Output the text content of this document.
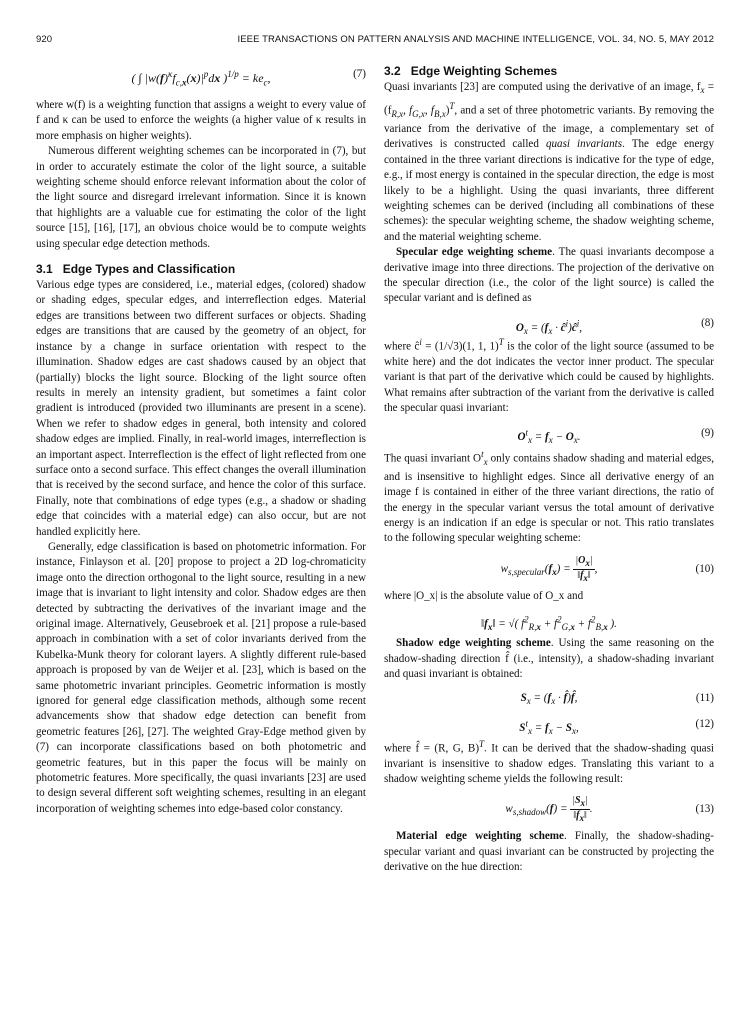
920	IEEE TRANSACTIONS ON PATTERN ANALYSIS AND MACHINE INTELLIGENCE, VOL. 34, NO. 5, MAY 2012
( ∫ $|w(f)^\kappa f_{c,x}(x)|^pdx$ )$^{1/p} = ke_c$,	(7)

where w(f) is a weighting function that assigns a weight to every value of f and κ can be used to enforce the weights (a higher value of κ results in more emphasis on higher weights).

Numerous different weighting schemes can be incorporated in (7), but in order to accurately estimate the color of the light source, a suitable weighting scheme should enforce relevant information about the color of the light source and disregard irrelevant information. Since it is known that highlights are a valuable cue for estimating the color of the light source [15], [16], [17], an obvious choice would be to compute weights using specular edge detection methods.

3.1 Edge Types and Classification

Various edge types are considered, i.e., material edges, (colored) shadow or shading edges, specular edges, and interreflection edges. Material edges are transitions between two different surfaces or objects. Shading edges are transitions that are caused by the geometry of an object, for instance by a change in surface orientation with respect to the illumination. Shadow edges are cast shadows caused by an object that (partially) blocks the light source. Blocking of the light source often results in merely an intensity gradient, but sometimes a faint color gradient is introduced (provided two illuminants are present in a scene). When we refer to shadow edges in general, both intensity and colored shadow edges are implied. Finally, in real-world images, interreflection is an important aspect. Interreflection is the effect of light reflected from one surface onto a second surface. This effect changes the overall illumination that is received by the second surface, and hence the color of this surface. Finally, note that combinations of edge types (e.g., a shadow or shading edge that coincides with a material edge) can also occur, but are not handled explicitly here.

Generally, edge classification is based on photometric information. For instance, Finlayson et al. [20] propose to project a 2D log-chromaticity image onto the direction orthogonal to the light source, resulting in a new image that is invariant to light intensity and color. Shadow edges are then detected by subtracting the derivatives of the invariant image and the original image. Alternatively, Geusebroek et al. [21] propose a rule-based approach in combination with a set of color invariants derived from the Kubelka-Munk theory for colorant layers. A slightly different rule-based approach is proposed by van de Weijer et al. [23], which is based on the same photometric invariant principles. Geometric information is mostly ignored for general edge classification methods, although some recent advancements show that shadow edge detection can benefit from geometric features [26], [27]. The weighted Gray-Edge method given by (7) can incorporate classifications based on both photometric and geometric features, but in this paper the focus will be mainly on photometric features. More specifically, the quasi invariants [23] are used to design several different soft weighting schemes, resulting in an elegant incorporation of weighting schemes into edge-based color constancy.

3.2 Edge Weighting Schemes

Quasi invariants [23] are computed using the derivative of an image, $f_x = (f_{R,x}$, $f_{G,x}$, $f_{B,x})^T$, and a set of three photometric variants. By removing the variance from the derivative of the image, a complementary set of derivatives is constructed called quasi invariants. The edge energy contained in the three variant directions is indicative for the type of edge, e.g., if most energy is contained in the specular direction, the edge is most likely to be a highlight. Using the quasi invariants, three different weighting schemes can be derived (including all combinations of these schemes): the specular weighting scheme, the shadow weighting scheme, and the material weighting scheme.

Specular edge weighting scheme. The quasi invariants decompose a derivative image into three directions. The projection of the derivative on the specular direction (i.e., the color of the light source) is called the specular variant and is defined as

$O_x = (f_x$ · $ĉ^i)ĉ^i$,	(8)

where $ĉ^i = (1/√3)(1$, 1, 1)$^T$ is the color of the light source (assumed to be white here) and the dot indicates the vector inner product. The specular variant is that part of the derivative which could be caused by highlights. What remains after subtraction of the variant from the derivative is called the specular quasi invariant:

$O^t_x = f_x - O_x$.	(9)

The quasi invariant $O^t_x$ only contains shadow shading and material edges, and is insensitive to highlight edges. Since all derivative energy of an image f is contained in either of the three variant directions, the ratio of the energy in the specular variant versus the total amount of derivative energy is an indication if an edge is specular or not. This ratio translates to the following specular weighting scheme:

$w_{s,specular}(f_x) = \frac{|O_x|}{‖f_x‖}$ ,	(10)

where |O_x| is the absolute value of O_x and

$‖f_x‖$ = √( $f^2_{R,x} + f^2_{G,x} + f^2_{B,x}$ ).

Shadow edge weighting scheme. Using the same reasoning on the shadow-shading direction f̂ (i.e., intensity), a shadow-shading invariant and quasi invariant is obtained:

$S_x = (f_x$ · f̂)f̂,	(11)
$S^t_x = f_x - S_x$,	(12)

where f̂ = (R, G, B)$^T$. It can be derived that the shadow-shading quasi invariant is insensitive to shadow edges. Translating this variant to a shadow weighting scheme yields the following result:

$w_{s,shadow}(f) = \frac{|S_x|}{‖f_x‖}$ .	(13)

Material edge weighting scheme. Finally, the shadow-shading-specular variant and quasi invariant can be constructed by projecting the derivative on the hue direction:
